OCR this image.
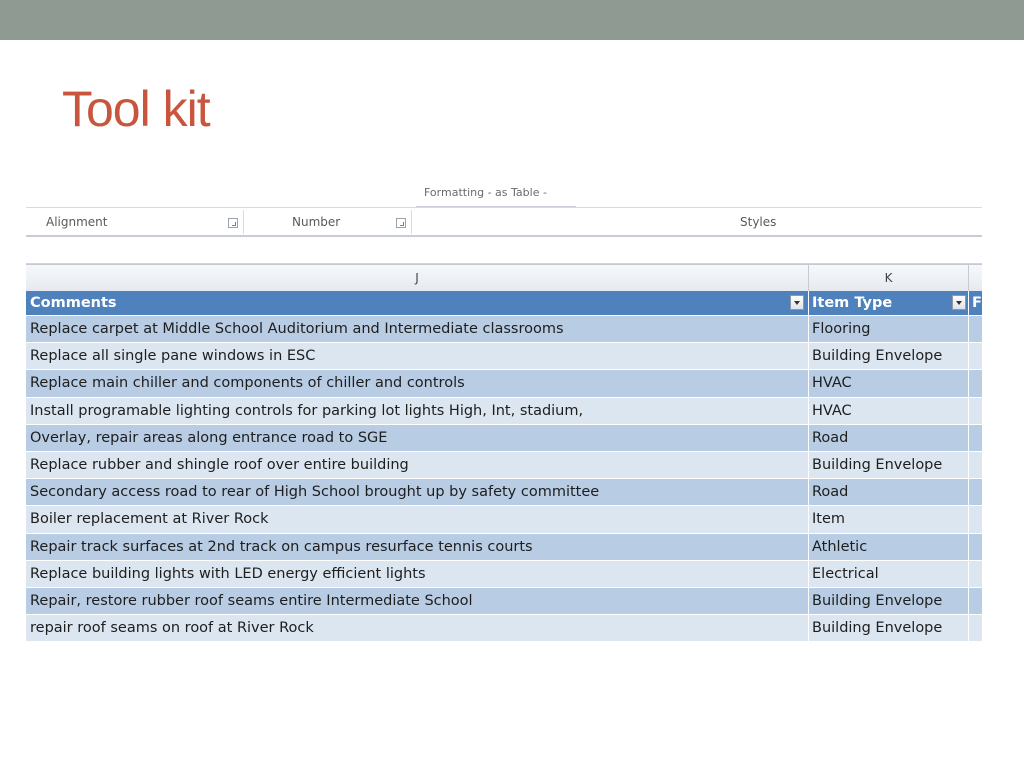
Tool kit
Formatting - as Table -
Alignment	Number	Styles
J	K
Comments	Item Type	F
Replace carpet at Middle School Auditorium and Intermediate classrooms	Flooring
Replace all single pane windows in ESC	Building Envelope
Replace main chiller and components of chiller and controls	HVAC
Install programable lighting controls for parking lot lights High, Int, stadium,	HVAC
Overlay, repair areas along entrance road to SGE	Road
Replace rubber and shingle roof over entire building	Building Envelope
Secondary access road to rear of High School brought up by safety committee	Road
Boiler replacement at River Rock	Item
Repair track surfaces at 2nd track on campus resurface tennis courts	Athletic
Replace building lights with LED energy efficient lights	Electrical
Repair, restore rubber roof seams entire Intermediate School	Building Envelope
repair roof seams on roof at River Rock	Building Envelope
